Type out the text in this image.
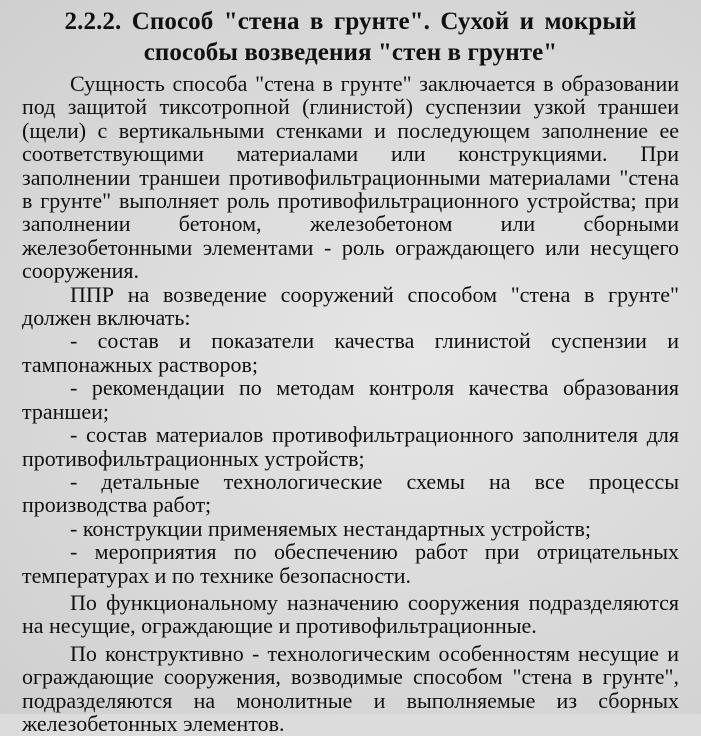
2.2.2. Способ "стена в грунте". Сухой и мокрый
способы возведения "стен в грунте"

Сущность способа "стена в грунте" заключается в образовании под защитой тиксотропной (глинистой) суспензии узкой траншеи (щели) с вертикальными стенками и последующем заполнение ее соответствующими материалами или конструкциями. При заполнении траншеи противофильтрационными материалами "стена в грунте" выполняет роль противофильтрационного устройства; при заполнении бетоном, железобетоном или сборными железобетонными элементами - роль ограждающего или несущего сооружения.

ППР на возведение сооружений способом "стена в грунте" должен включать:

- состав и показатели качества глинистой суспензии и тампонажных растворов;

- рекомендации по методам контроля качества образования траншеи;

- состав материалов противофильтрационного заполнителя для противофильтрационных устройств;

- детальные технологические схемы на все процессы производства работ;

- конструкции применяемых нестандартных устройств;

- мероприятия по обеспечению работ при отрицательных температурах и по технике безопасности.

По функциональному назначению сооружения подразделяются на несущие, ограждающие и противофильтрационные.

По конструктивно - технологическим особенностям несущие и ограждающие сооружения, возводимые способом "стена в грунте", подразделяются на монолитные и выполняемые из сборных железобетонных элементов.
